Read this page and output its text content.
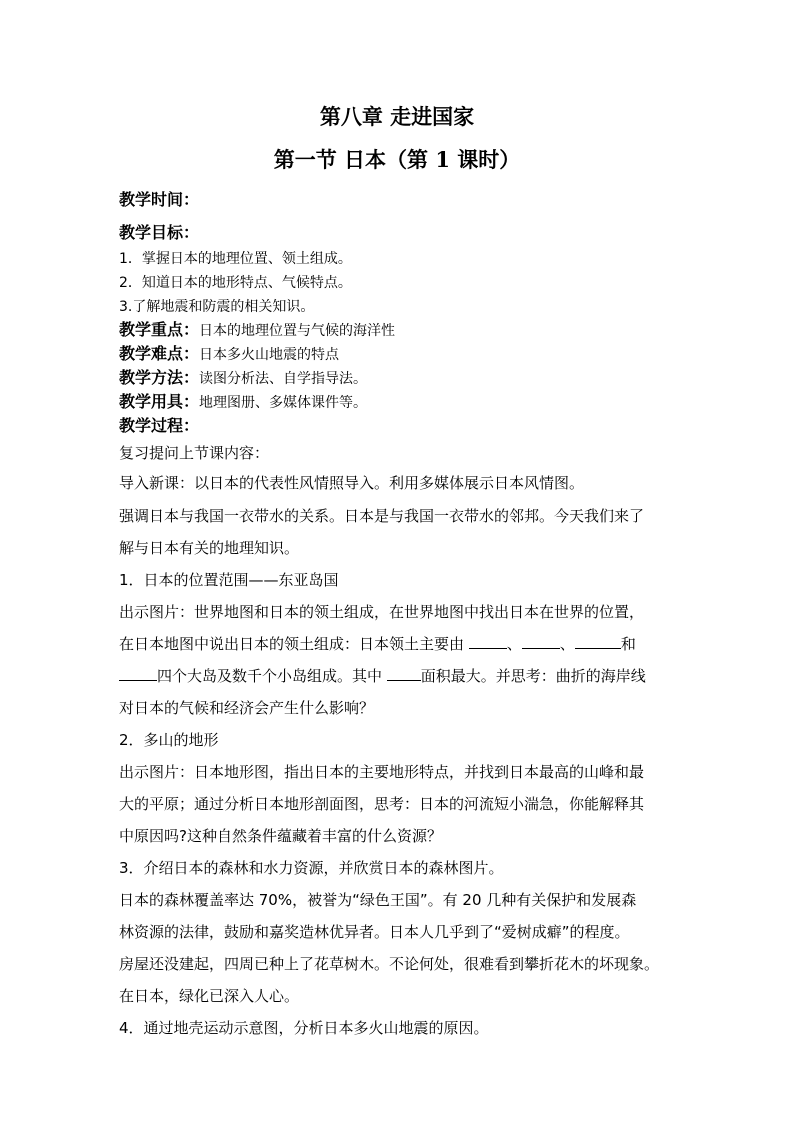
第八章 走进国家
第一节 日本（第 1 课时）
教学时间：
教学目标：
1．掌握日本的地理位置、领土组成。
2．知道日本的地形特点、气候特点。
3.了解地震和防震的相关知识。
教学重点：日本的地理位置与气候的海洋性
教学难点：日本多火山地震的特点
教学方法：读图分析法、自学指导法。
教学用具：地理图册、多媒体课件等。
教学过程：
复习提问上节课内容：
导入新课：以日本的代表性风情照导入。利用多媒体展示日本风情图。
强调日本与我国一衣带水的关系。日本是与我国一衣带水的邻邦。今天我们来了
解与日本有关的地理知识。
1．日本的位置范围——东亚岛国
出示图片：世界地图和日本的领土组成，在世界地图中找出日本在世界的位置，
在日本地图中说出日本的领土组成：日本领土主要由	、	、	和
四个大岛及数千个小岛组成。其中 面积最大。并思考：曲折的海岸线
对日本的气候和经济会产生什么影响？
2．多山的地形
出示图片：日本地形图，指出日本的主要地形特点，并找到日本最高的山峰和最
大的平原；通过分析日本地形剖面图，思考：日本的河流短小湍急，你能解释其
中原因吗?这种自然条件蕴藏着丰富的什么资源？
3．介绍日本的森林和水力资源，并欣赏日本的森林图片。
日本的森林覆盖率达 70%，被誉为“绿色王国”。有 20 几种有关保护和发展森
林资源的法律，鼓励和嘉奖造林优异者。日本人几乎到了“爱树成癖”的程度。
房屋还没建起，四周已种上了花草树木。不论何处，很难看到攀折花木的坏现象。
在日本，绿化已深入人心。
4．通过地壳运动示意图，分析日本多火山地震的原因。
